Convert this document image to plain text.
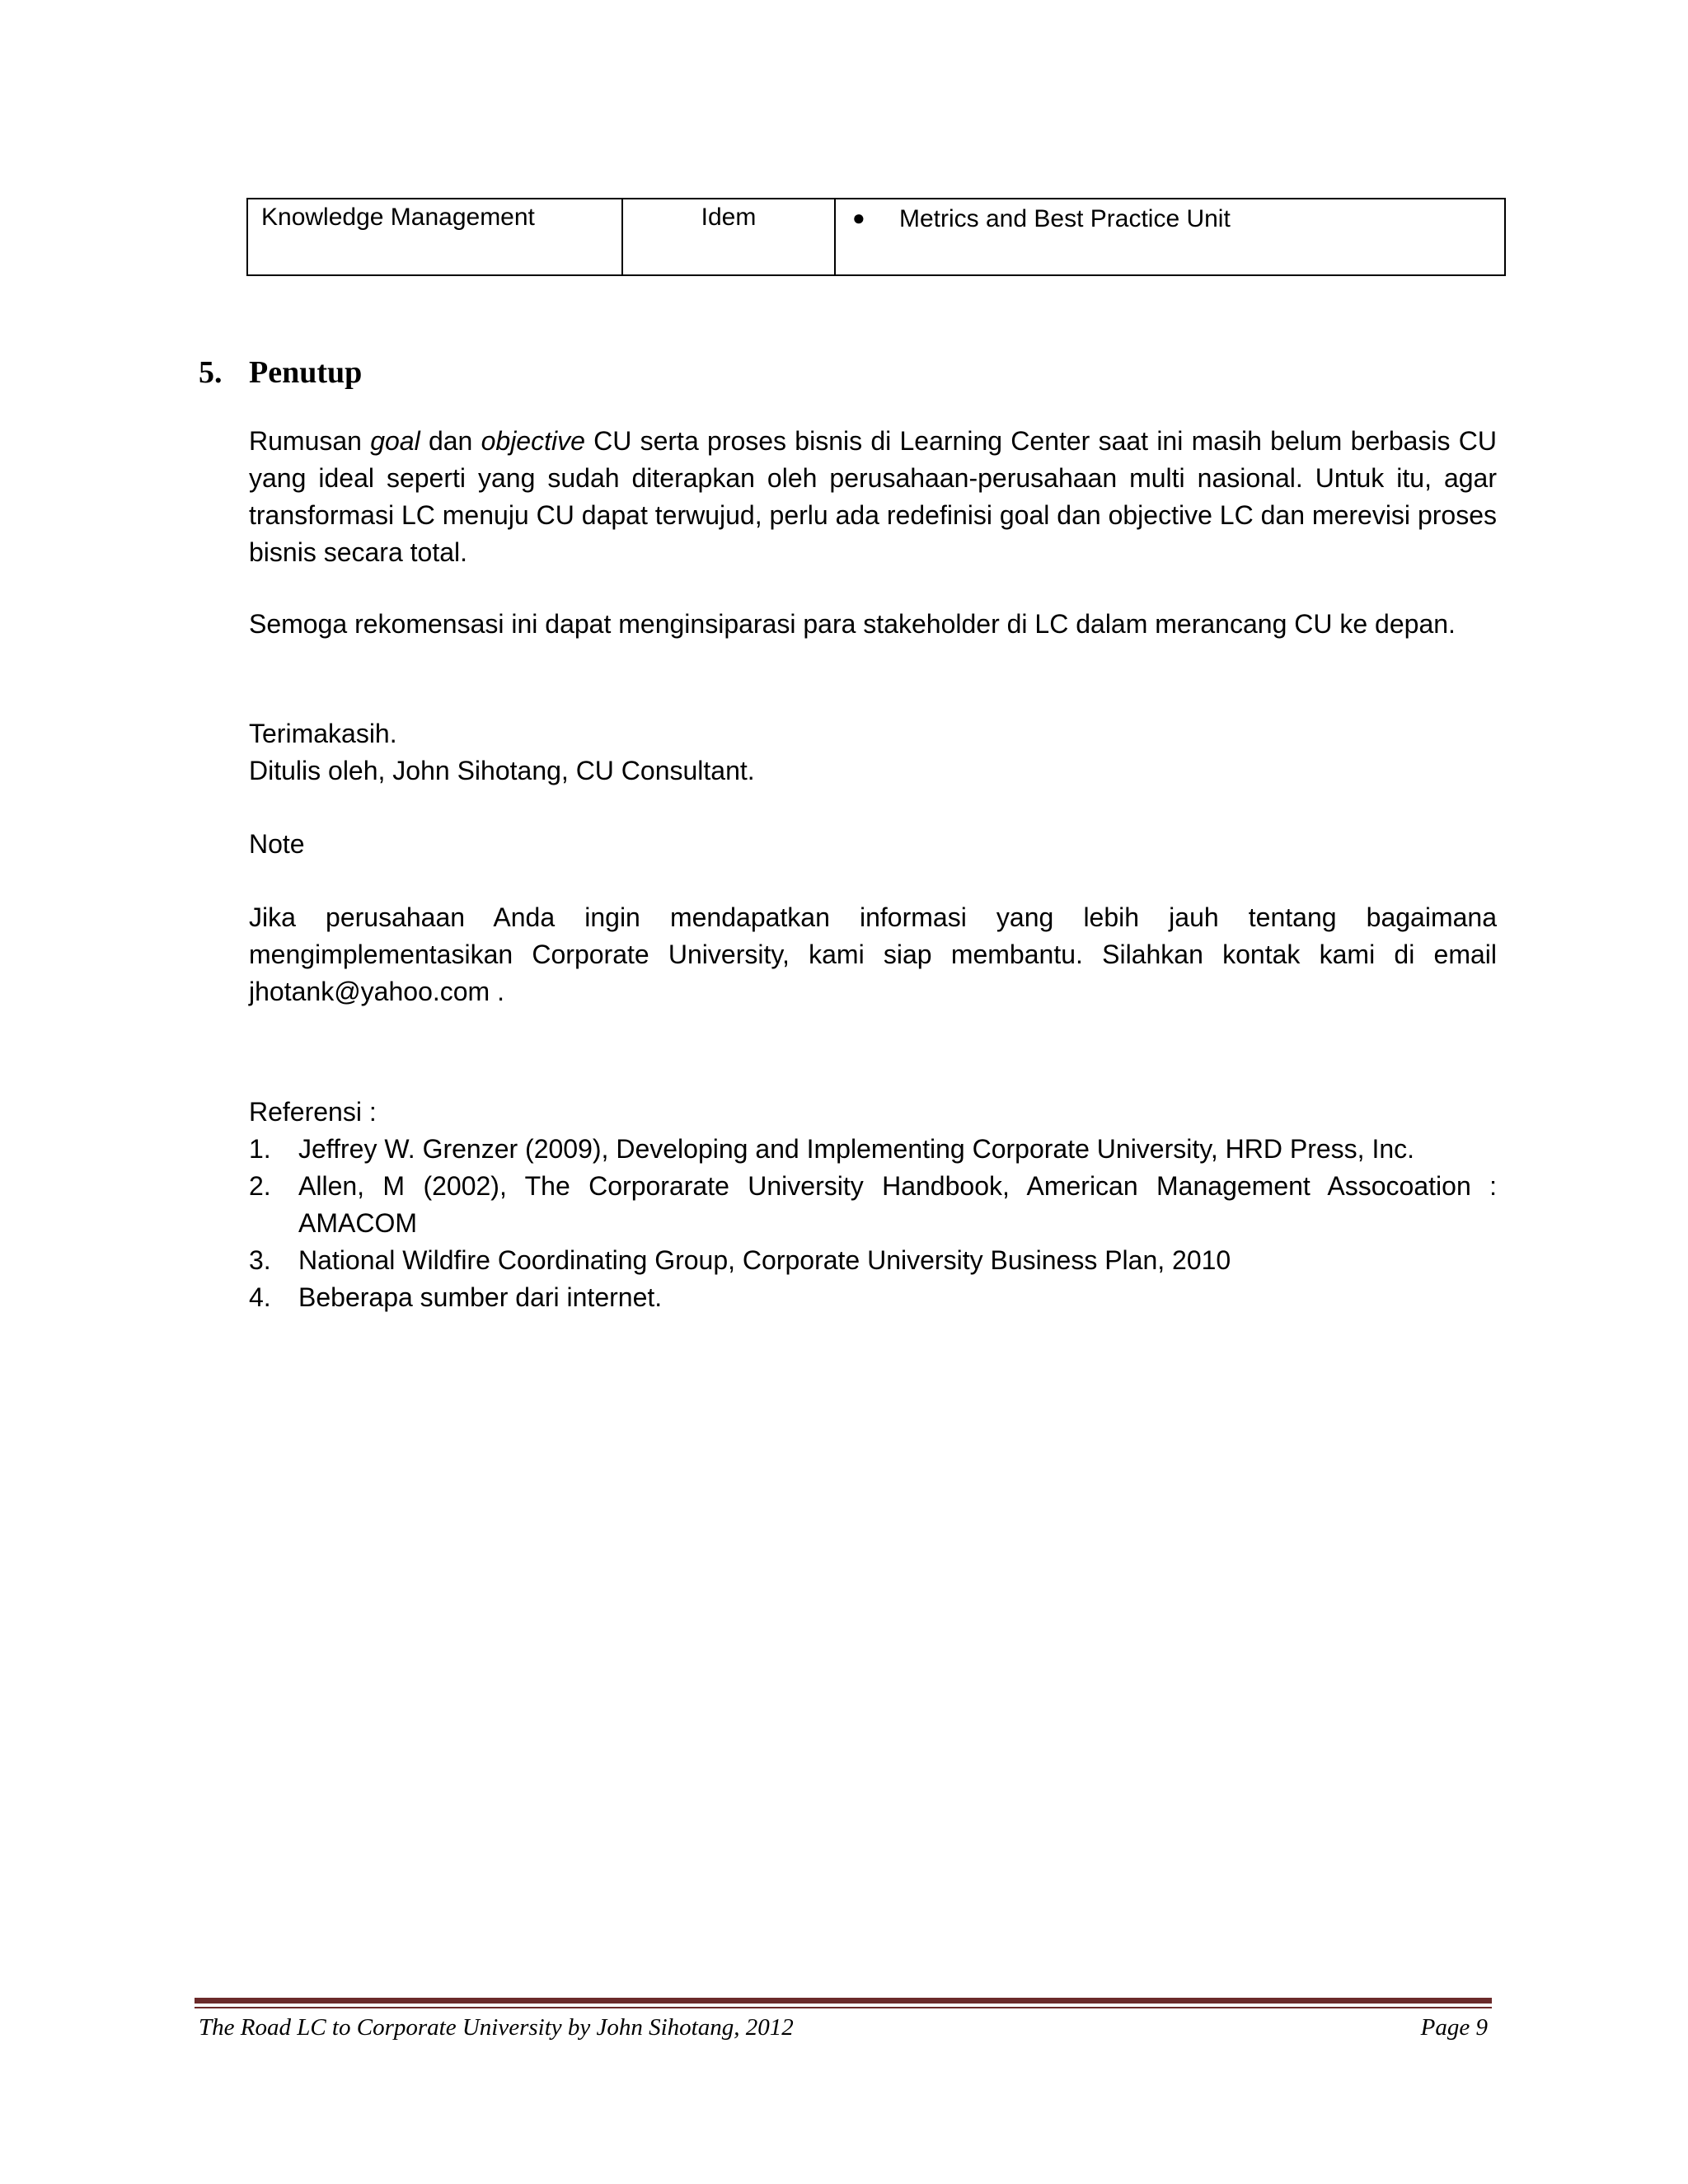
Knowledge Management	Idem	● Metrics and Best Practice Unit
5. Penutup

Rumusan goal dan objective CU serta proses bisnis di Learning Center saat ini masih belum berbasis CU yang ideal seperti yang sudah diterapkan oleh perusahaan-perusahaan multi nasional. Untuk itu, agar transformasi LC menuju CU dapat terwujud, perlu ada redefinisi goal dan objective LC dan merevisi proses bisnis secara total.

Semoga rekomensasi ini dapat menginsiparasi para stakeholder di LC dalam merancang CU ke depan.

Terimakasih.

Ditulis oleh, John Sihotang, CU Consultant.

Note

Jika perusahaan Anda ingin mendapatkan informasi yang lebih jauh tentang bagaimana mengimplementasikan Corporate University, kami siap membantu. Silahkan kontak kami di email jhotank@yahoo.com .

Referensi :

1. Jeffrey W. Grenzer (2009), Developing and Implementing Corporate University, HRD Press, Inc.
2. Allen, M (2002), The Corporarate University Handbook, American Management Assocoation : AMACOM
3. National Wildfire Coordinating Group, Corporate University Business Plan, 2010
4. Beberapa sumber dari internet.

The Road LC to Corporate University by John Sihotang, 2012	Page 9
